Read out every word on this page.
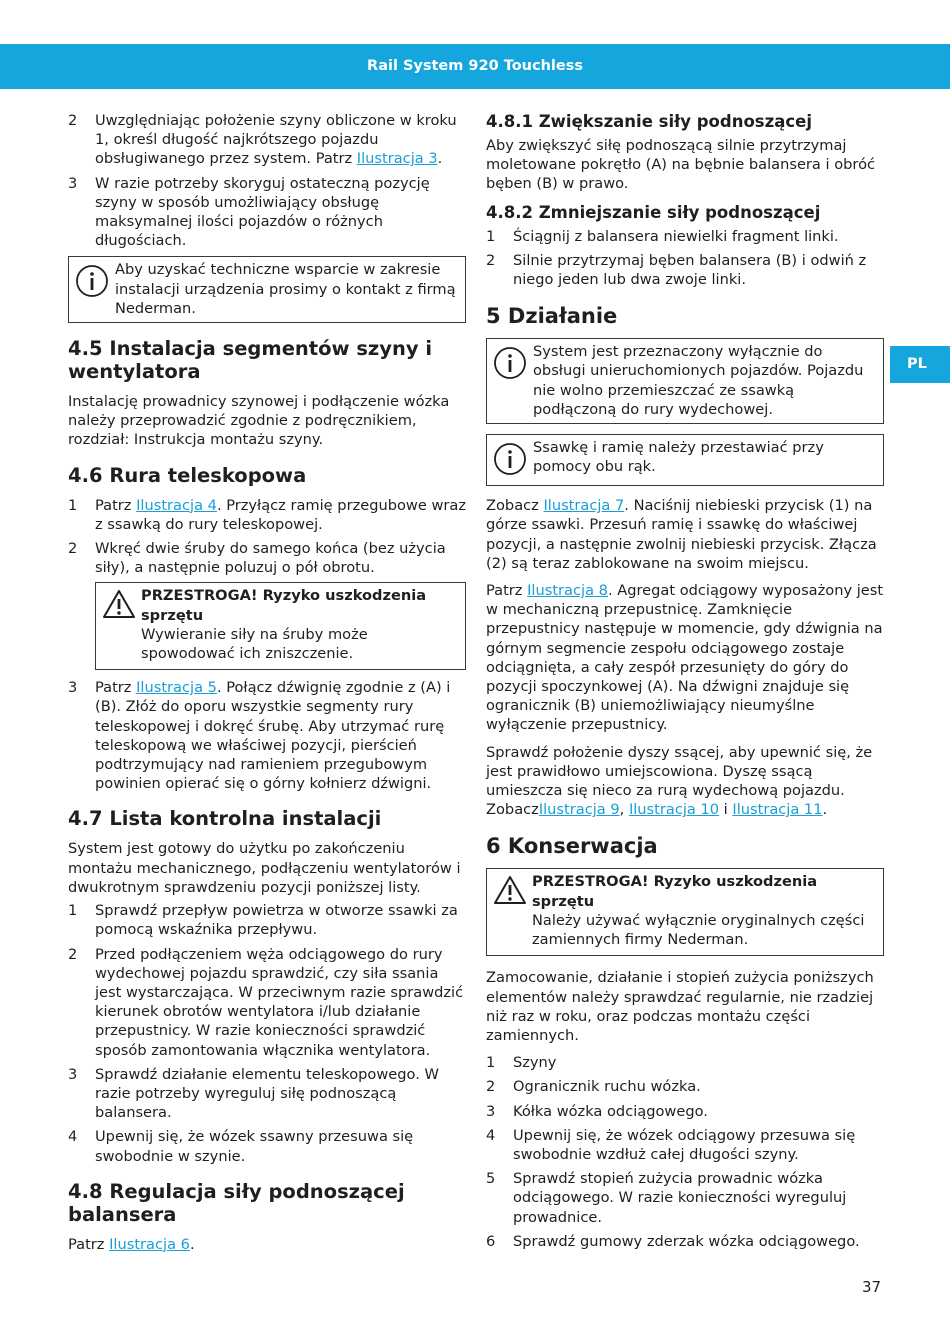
Rail System 920 Touchless
PL
2	Uwzględniając położenie szyny obliczone w kroku 1, określ długość najkrótszego pojazdu obsługiwanego przez system. Patrz Ilustracja 3.
3	W razie potrzeby skoryguj ostateczną pozycję szyny w sposób umożliwiający obsługę maksymalnej ilości pojazdów o różnych długościach.
Aby uzyskać techniczne wsparcie w zakresie instalacji urządzenia prosimy o kontakt z firmą Nederman.
4.5 Instalacja segmentów szyny i wentylatora

Instalację prowadnicy szynowej i podłączenie wózka należy przeprowadzić zgodnie z podręcznikiem, rozdział: Instrukcja montażu szyny.

4.6 Rura teleskopowa
1	Patrz Ilustracja 4. Przyłącz ramię przegubowe wraz z ssawką do rury teleskopowej.
2	Wkręć dwie śruby do samego końca (bez użycia siły), a następnie poluzuj o pół obrotu.
PRZESTROGA! Ryzyko uszkodzenia sprzętu
Wywieranie siły na śruby może spowodować ich zniszczenie.
3	Patrz Ilustracja 5. Połącz dźwignię zgodnie z (A) i (B). Złóż do oporu wszystkie segmenty rury teleskopowej i dokręć śrubę. Aby utrzymać rurę teleskopową we właściwej pozycji, pierścień podtrzymujący nad ramieniem przegubowym powinien opierać się o górny kołnierz dźwigni.
4.7 Lista kontrolna instalacji

System jest gotowy do użytku po zakończeniu montażu mechanicznego, podłączeniu wentylatorów i dwukrotnym sprawdzeniu pozycji poniższej listy.

1	Sprawdź przepływ powietrza w otworze ssawki za pomocą wskaźnika przepływu.
2	Przed podłączeniem węża odciągowego do rury wydechowej pojazdu sprawdzić, czy siła ssania jest wystarczająca. W przeciwnym razie sprawdzić kierunek obrotów wentylatora i/lub działanie przepustnicy. W razie konieczności sprawdzić sposób zamontowania włącznika wentylatora.
3	Sprawdź działanie elementu teleskopowego. W razie potrzeby wyreguluj siłę podnoszącą balansera.
4	Upewnij się, że wózek ssawny przesuwa się swobodnie w szynie.
4.8 Regulacja siły podnoszącej balansera

Patrz Ilustracja 6.

4.8.1 Zwiększanie siły podnoszącej

Aby zwiększyć siłę podnoszącą silnie przytrzymaj moletowane pokrętło (A) na bębnie balansera i obróć bęben (B) w prawo.

4.8.2 Zmniejszanie siły podnoszącej
1	Ściągnij z balansera niewielki fragment linki.
2	Silnie przytrzymaj bęben balansera (B) i odwiń z niego jeden lub dwa zwoje linki.
5 Działanie
System jest przeznaczony wyłącznie do obsługi unieruchomionych pojazdów. Pojazdu nie wolno przemieszczać ze ssawką podłączoną do rury wydechowej.
Ssawkę i ramię należy przestawiać przy pomocy obu rąk.

Zobacz Ilustracja 7. Naciśnij niebieski przycisk (1) na górze ssawki. Przesuń ramię i ssawkę do właściwej pozycji, a następnie zwolnij niebieski przycisk. Złącza (2) są teraz zablokowane na swoim miejscu.

Patrz Ilustracja 8. Agregat odciągowy wyposażony jest w mechaniczną przepustnicę. Zamknięcie przepustnicy następuje w momencie, gdy dźwignia na górnym segmencie zespołu odciągowego zostaje odciągnięta, a cały zespół przesunięty do góry do pozycji spoczynkowej (A). Na dźwigni znajduje się ogranicznik (B) uniemożliwiający nieumyślne wyłączenie przepustnicy.

Sprawdź położenie dyszy ssącej, aby upewnić się, że jest prawidłowo umiejscowiona. Dyszę ssącą umieszcza się nieco za rurą wydechową pojazdu. ZobaczIlustracja 9, Ilustracja 10 i Ilustracja 11.

6 Konserwacja
PRZESTROGA! Ryzyko uszkodzenia sprzętu
Należy używać wyłącznie oryginalnych części zamiennych firmy Nederman.

Zamocowanie, działanie i stopień zużycia poniższych elementów należy sprawdzać regularnie, nie rzadziej niż raz w roku, oraz podczas montażu części zamiennych.

1	Szyny
2	Ogranicznik ruchu wózka.
3	Kółka wózka odciągowego.
4	Upewnij się, że wózek odciągowy przesuwa się swobodnie wzdłuż całej długości szyny.
5	Sprawdź stopień zużycia prowadnic wózka odciągowego. W razie konieczności wyreguluj prowadnice.
6	Sprawdź gumowy zderzak wózka odciągowego.
37
